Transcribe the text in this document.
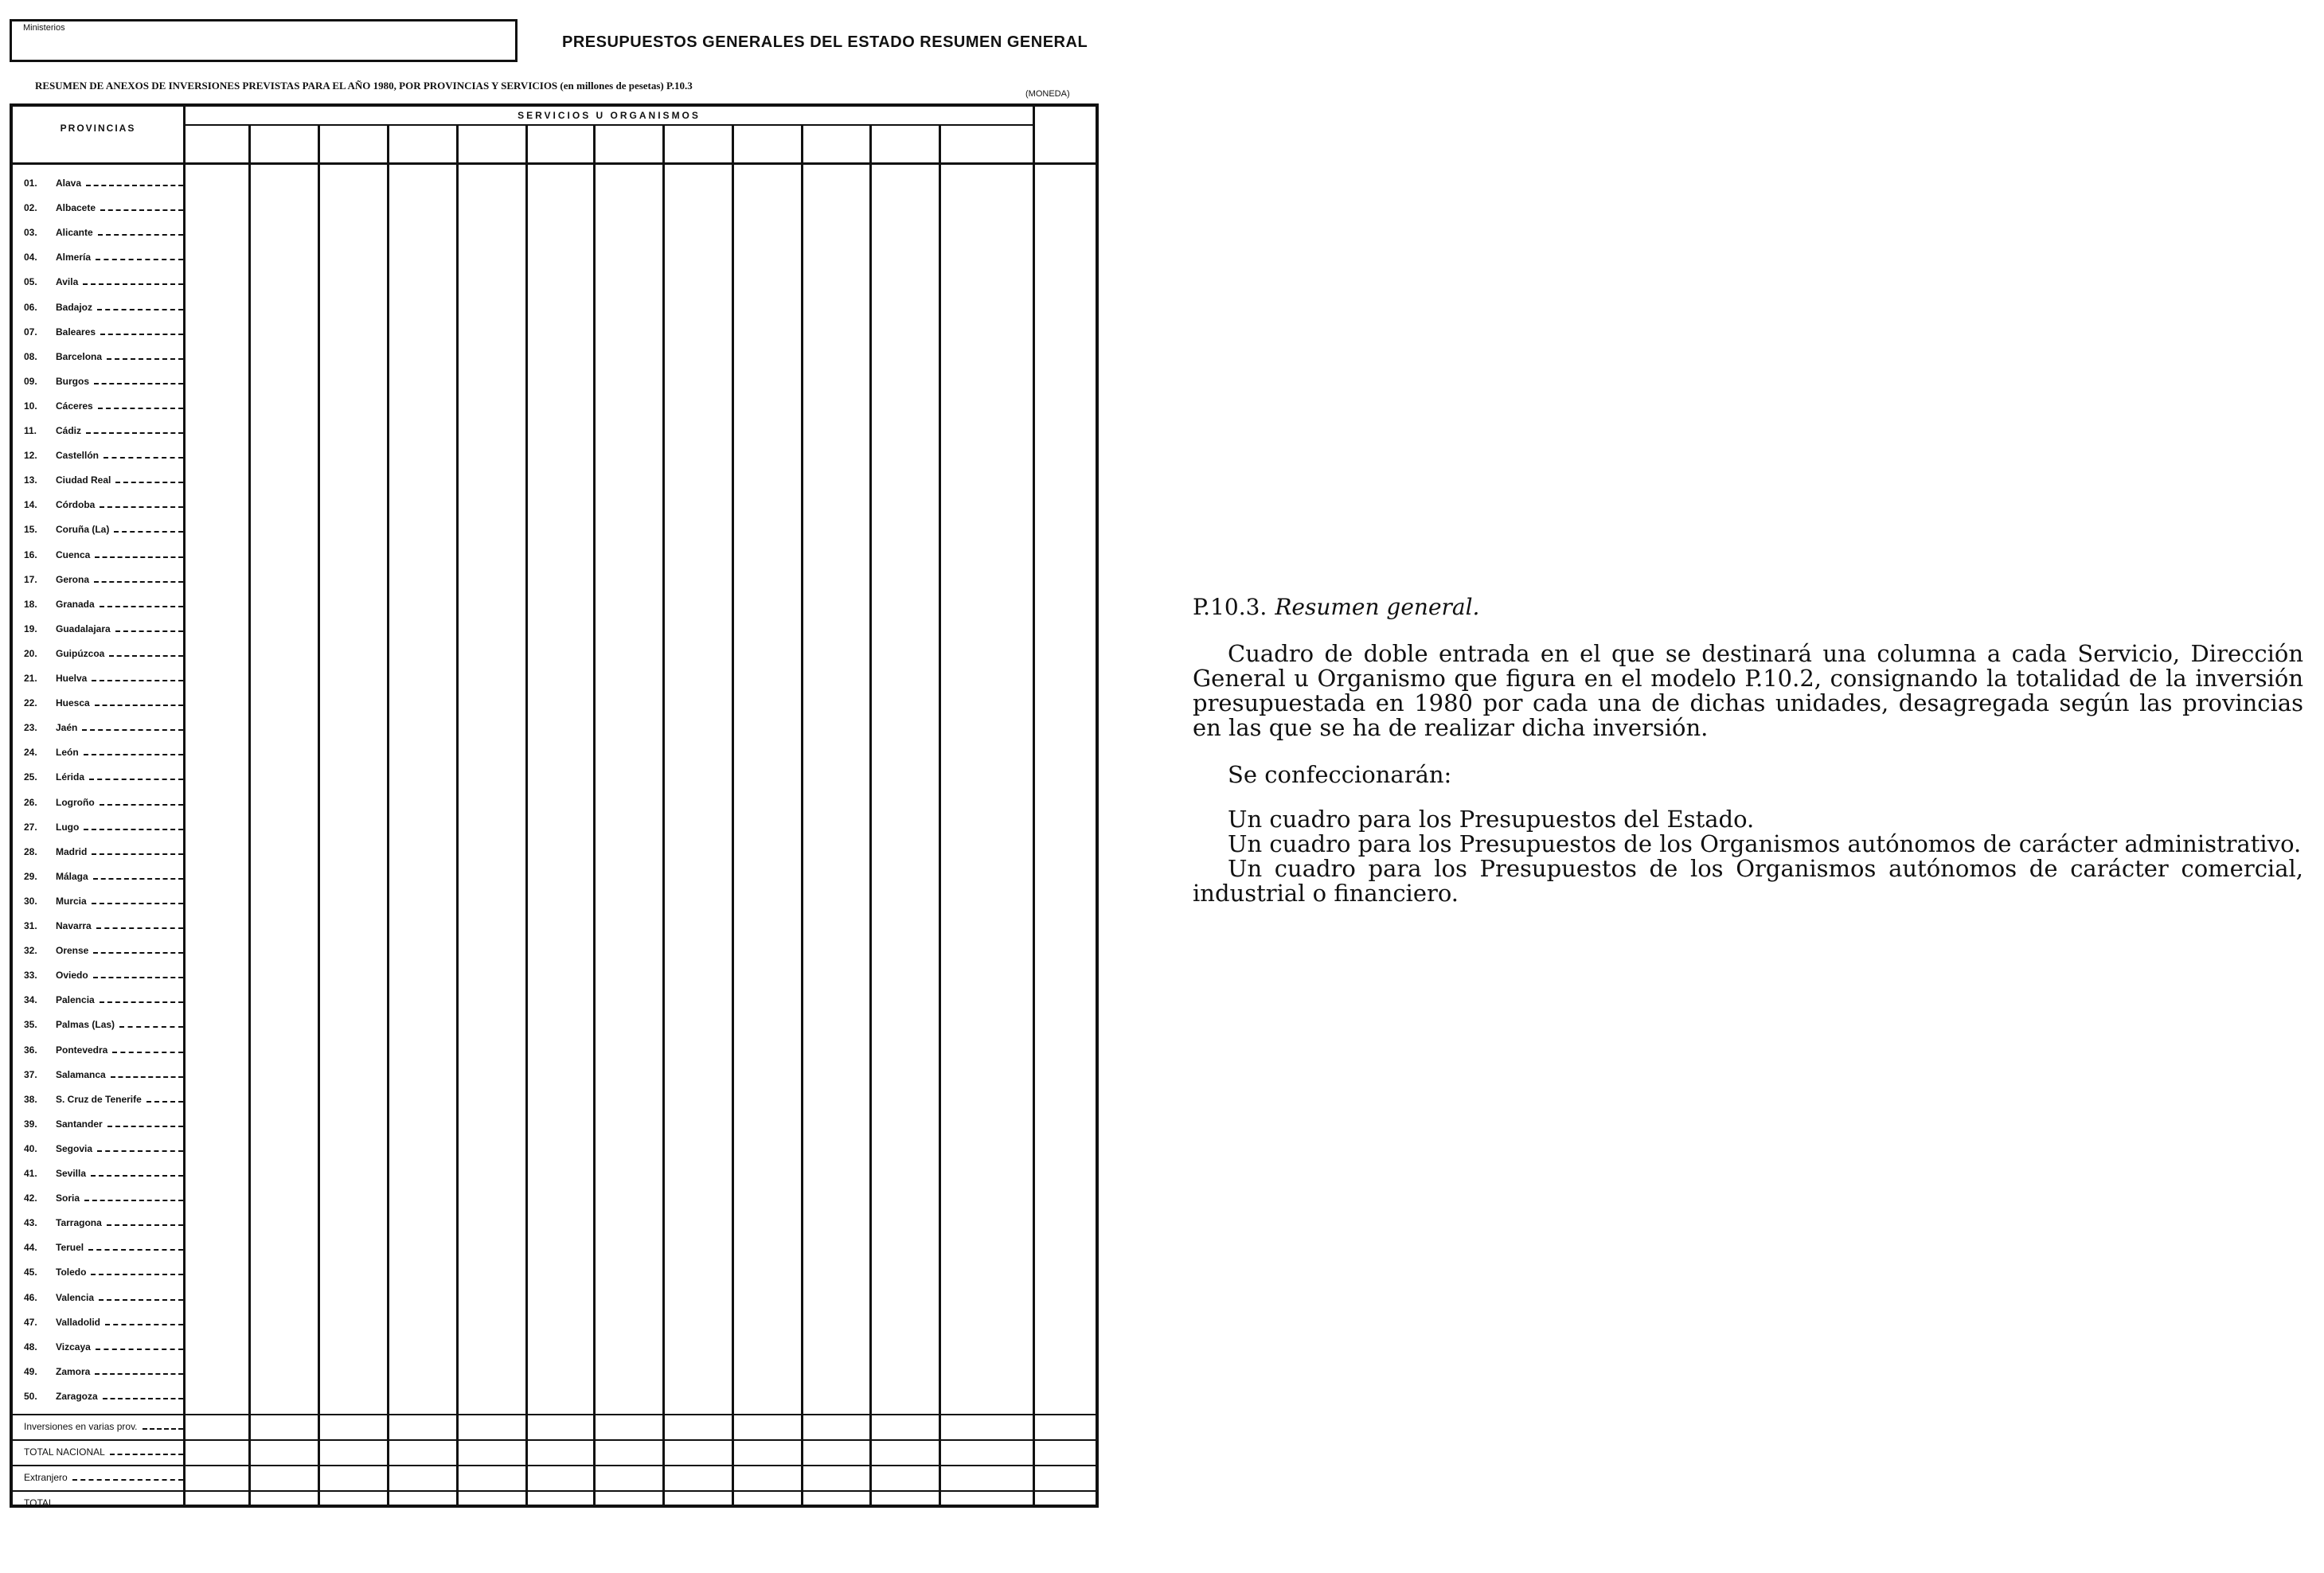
Ministerios
PRESUPUESTOS GENERALES DEL ESTADO RESUMEN GENERAL
RESUMEN DE ANEXOS DE INVERSIONES PREVISTAS PARA EL AÑO 1980, POR PROVINCIAS Y SERVICIOS (en millones de pesetas) P.10.3
(MONEDA)
SERVICIOS U ORGANISMOS
PROVINCIAS
01.	Alava
02.	Albacete
03.	Alicante
04.	Almería
05.	Avila
06.	Badajoz
07.	Baleares
08.	Barcelona
09.	Burgos
10.	Cáceres
11.	Cádiz
12.	Castellón
13.	Ciudad Real
14.	Córdoba
15.	Coruña (La)
16.	Cuenca
17.	Gerona
18.	Granada
19.	Guadalajara
20.	Guipúzcoa
21.	Huelva
22.	Huesca
23.	Jaén
24.	León
25.	Lérida
26.	Logroño
27.	Lugo
28.	Madrid
29.	Málaga
30.	Murcia
31.	Navarra
32.	Orense
33.	Oviedo
34.	Palencia
35.	Palmas (Las)
36.	Pontevedra
37.	Salamanca
38.	S. Cruz de Tenerife
39.	Santander
40.	Segovia
41.	Sevilla
42.	Soria
43.	Tarragona
44.	Teruel
45.	Toledo
46.	Valencia
47.	Valladolid
48.	Vizcaya
49.	Zamora
50.	Zaragoza
Inversiones en varias prov.
TOTAL NACIONAL
Extranjero
TOTAL
P.10.3. Resumen general.

Cuadro de doble entrada en el que se destinará una columna a cada Servicio, Dirección General u Organismo que figura en el modelo P.10.2, consignando la totalidad de la inversión presupuestada en 1980 por cada una de dichas unidades, desagregada según las provincias en las que se ha de realizar dicha inversión.

Se confeccionarán:

Un cuadro para los Presupuestos del Estado.

Un cuadro para los Presupuestos de los Organismos autónomos de carácter administrativo.

Un cuadro para los Presupuestos de los Organismos autónomos de carácter comercial, industrial o financiero.
